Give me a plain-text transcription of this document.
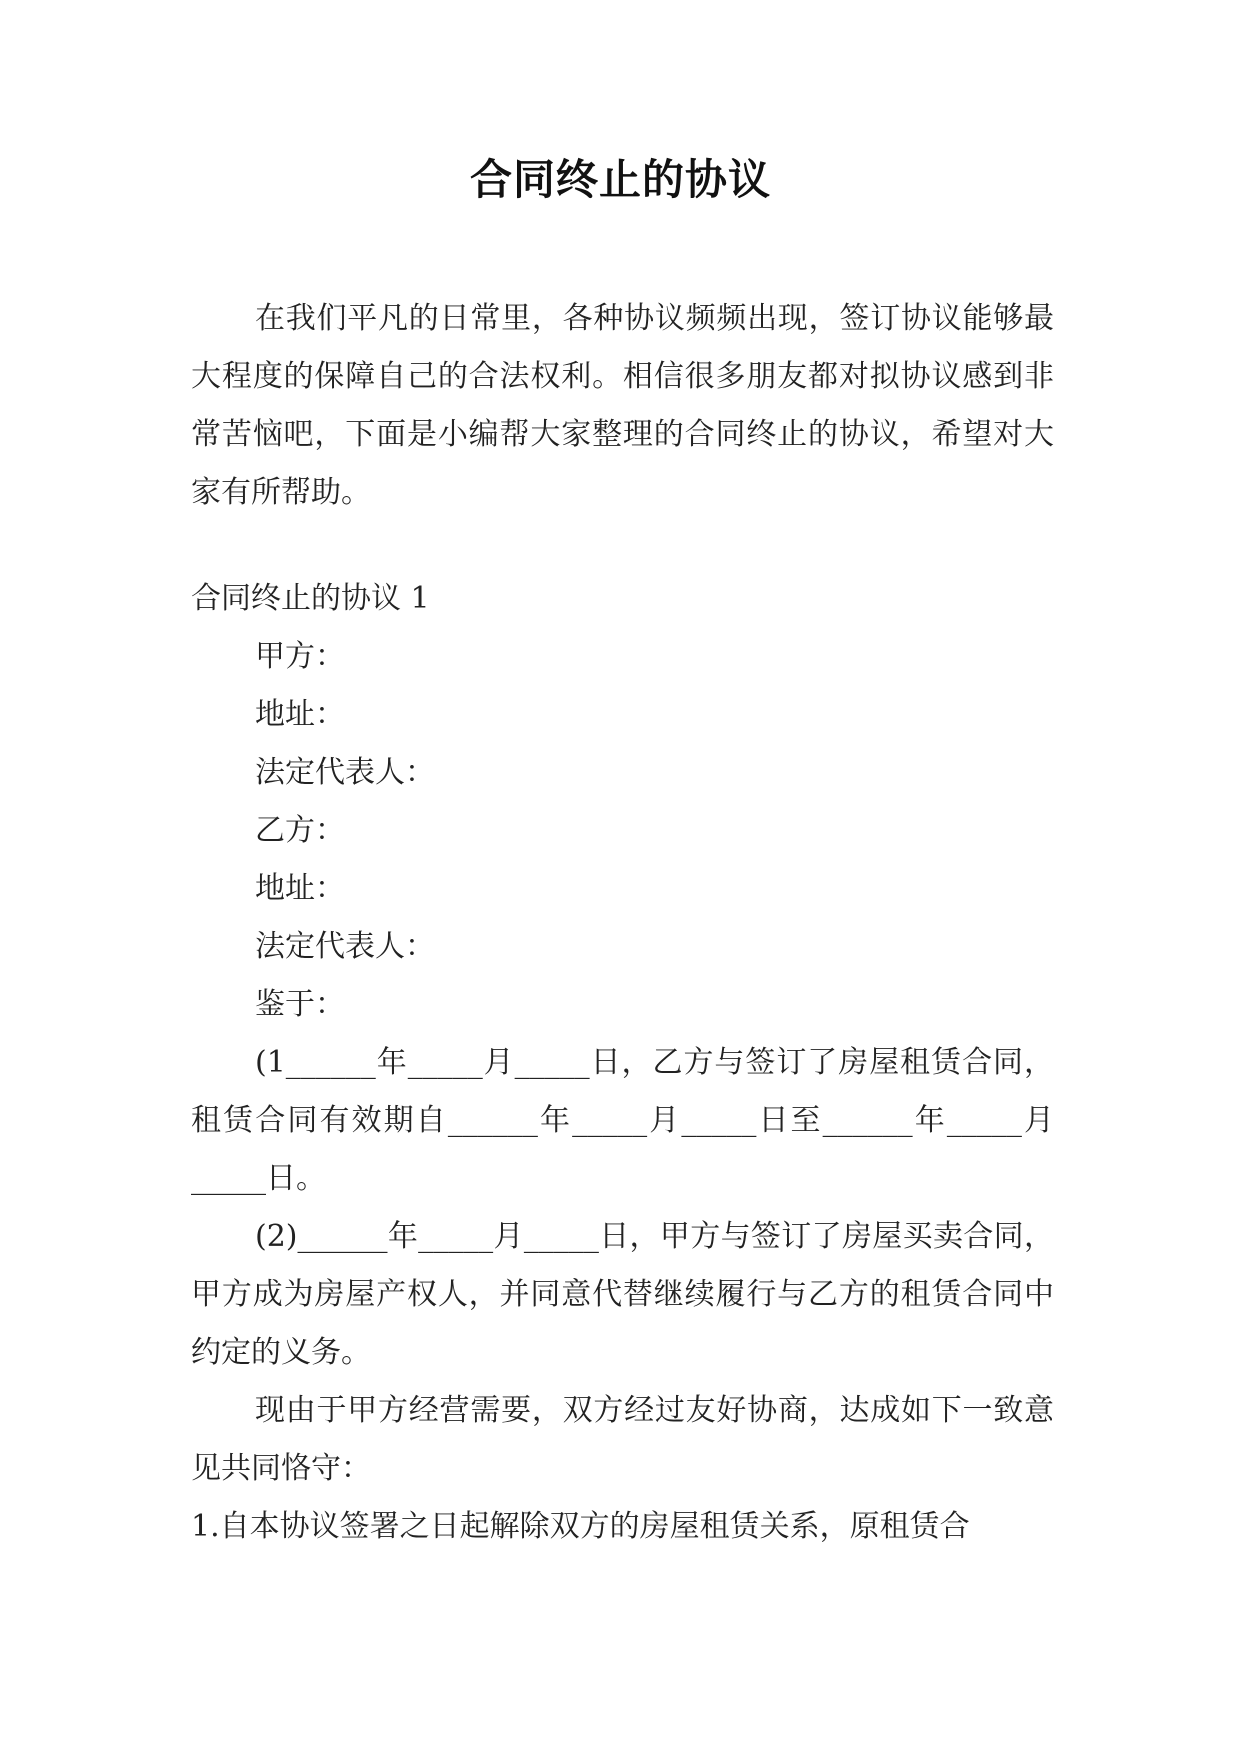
合同终止的协议

在我们平凡的日常里，各种协议频频出现，签订协议能够最大程度的保障自己的合法权利。相信很多朋友都对拟协议感到非常苦恼吧，下面是小编帮大家整理的合同终止的协议，希望对大家有所帮助。

合同终止的协议 1

甲方：

地址：

法定代表人：

乙方：

地址：

法定代表人：

鉴于：

(1______年_____月_____日，乙方与签订了房屋租赁合同，租赁合同有效期自______年_____月_____日至______年_____月_____日。

(2)______年_____月_____日，甲方与签订了房屋买卖合同，甲方成为房屋产权人，并同意代替继续履行与乙方的租赁合同中约定的义务。

现由于甲方经营需要，双方经过友好协商，达成如下一致意见共同恪守：

1.自本协议签署之日起解除双方的房屋租赁关系，原租赁合
